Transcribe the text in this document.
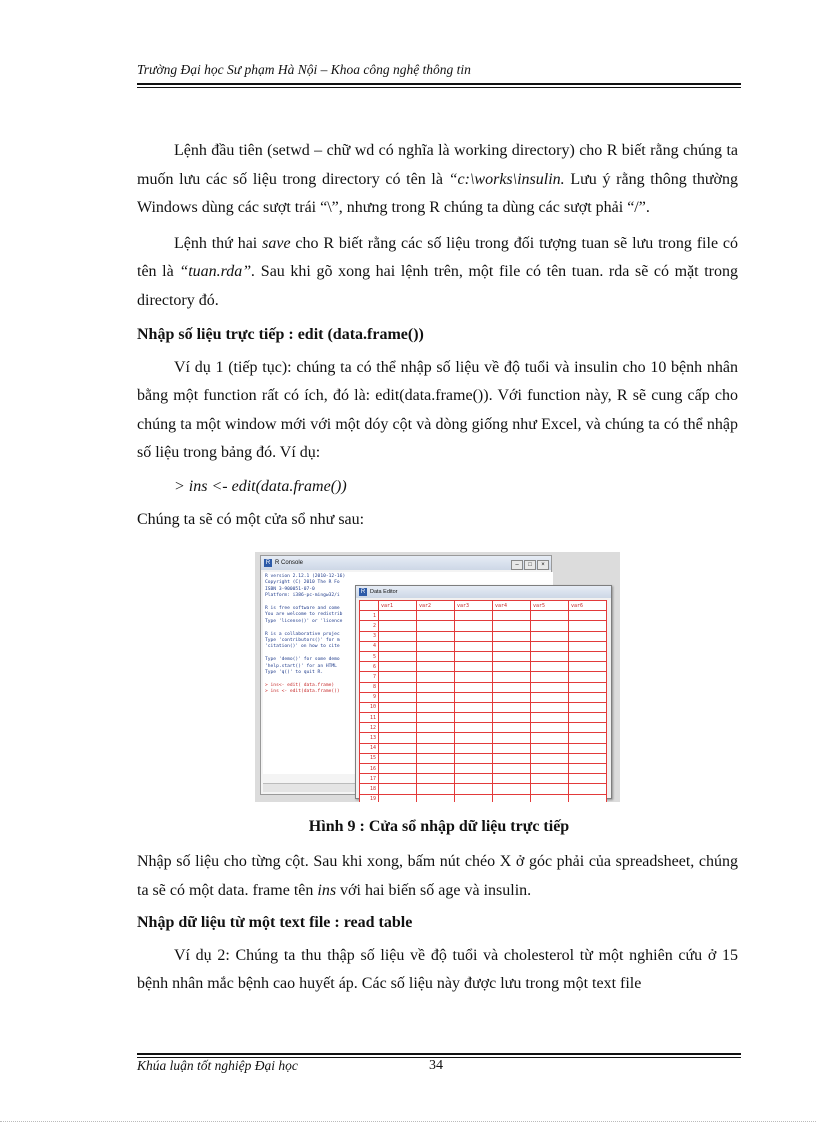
Trường Đại học Sư phạm Hà Nội – Khoa công nghệ thông tin

Lệnh đầu tiên (setwd – chữ wd có nghĩa là working directory) cho R biết rằng chúng ta muốn lưu các số liệu trong directory có tên là “c:\works\insulin. Lưu ý rằng thông thường Windows dùng các sượt trái “\”, nhưng trong R chúng ta dùng các sượt phải “/”.

Lệnh thứ hai save cho R biết rằng các số liệu trong đối tượng tuan sẽ lưu trong file có tên là “tuan.rda”. Sau khi gõ xong hai lệnh trên, một file có tên tuan. rda sẽ có mặt trong directory đó.

Nhập số liệu trực tiếp : edit (data.frame())

Ví dụ 1 (tiếp tục): chúng ta có thể nhập số liệu về độ tuổi và insulin cho 10 bệnh nhân bằng một function rất có ích, đó là: edit(data.frame()). Với function này, R sẽ cung cấp cho chúng ta một window mới với một dóy cột và dòng giống như Excel, và chúng ta có thể nhập số liệu trong bảng đó. Ví dụ:

> ins <- edit(data.frame())

Chúng ta sẽ có một cửa sổ như sau:

R R Console	– □ ×
R version 2.12.1 (2010-12-16)
Copyright (C) 2010 The R Fo
ISBN 3-900051-07-0
Platform: i386-pc-mingw32/i

R is free software and come
You are welcome to redistrib
Type 'license()' or 'licence

R is a collaborative projec
Type 'contributors()' for m
'citation()' on how to cite

Type 'demo()' for some demo
'help.start()' for an HTML
Type 'q()' to quit R.

> ins<- edit( data.frame)
> ins <- edit(data.frame())
R Data Editor
	var1	var2	var3	var4	var5	var6
1						
2						
3						
4						
5						
6						
7						
8						
9						
10						
11						
12						
13						
14						
15						
16						
17						
18						
19						
Hình 9 : Cửa sổ nhập dữ liệu trực tiếp

Nhập số liệu cho từng cột. Sau khi xong, bấm nút chéo X ở góc phải của spreadsheet, chúng ta sẽ có một data. frame tên ins với hai biến số age và insulin.

Nhập dữ liệu từ một text file : read table

Ví dụ 2: Chúng ta thu thập số liệu về độ tuổi và cholesterol từ một nghiên cứu ở 15 bệnh nhân mắc bệnh cao huyết áp. Các số liệu này được lưu trong một text file

Khúa luận tốt nghiệp Đại học	34
